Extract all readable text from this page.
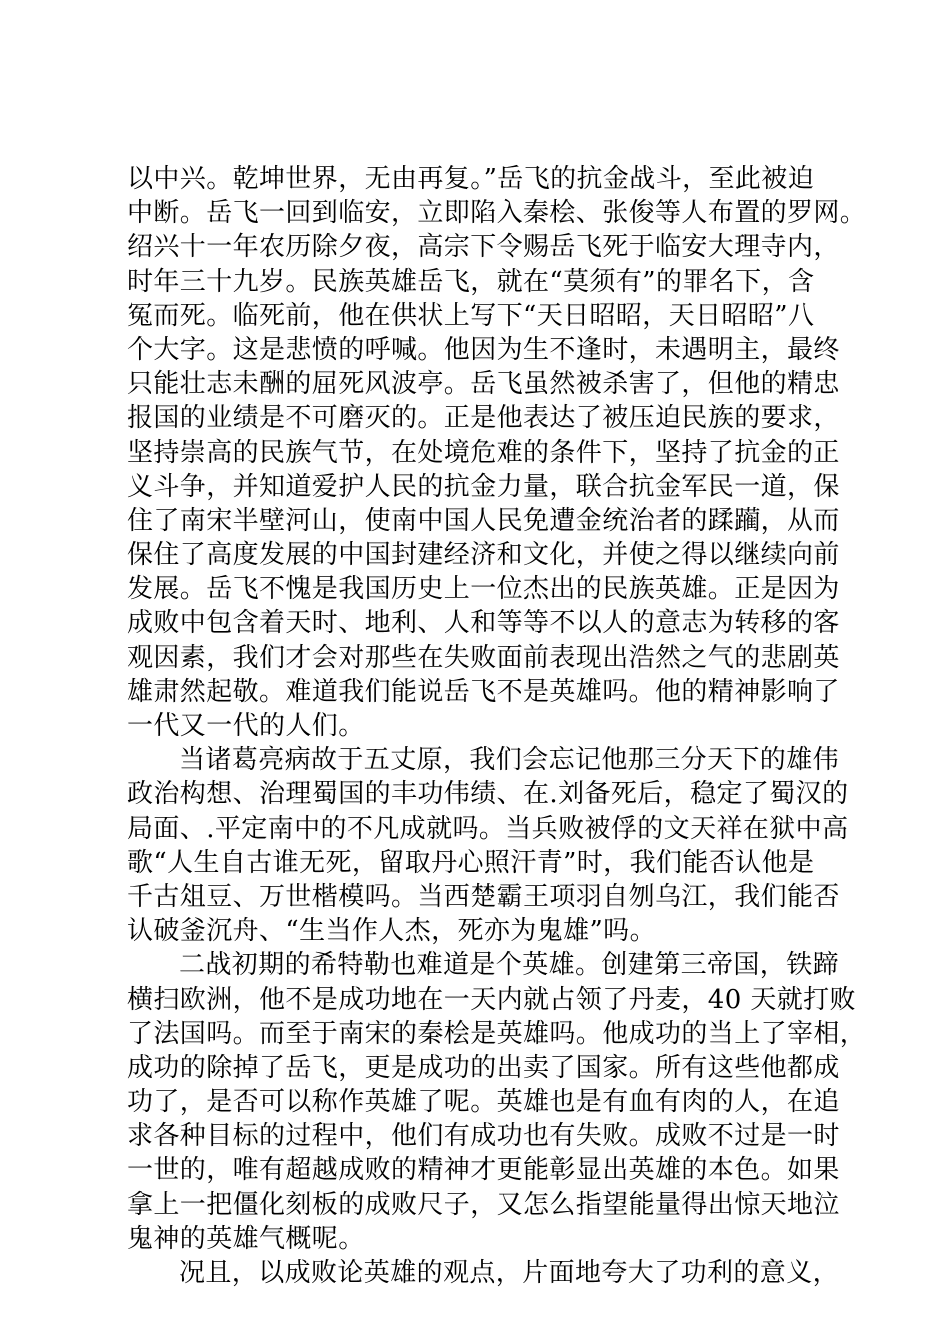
以中兴。乾坤世界，无由再复。”岳飞的抗金战斗，至此被迫
中断。岳飞一回到临安，立即陷入秦桧、张俊等人布置的罗网。
绍兴十一年农历除夕夜，高宗下令赐岳飞死于临安大理寺内，
时年三十九岁。民族英雄岳飞，就在“莫须有”的罪名下，含
冤而死。临死前，他在供状上写下“天日昭昭，天日昭昭”八
个大字。这是悲愤的呼喊。他因为生不逢时，未遇明主，最终
只能壮志未酬的屈死风波亭。岳飞虽然被杀害了，但他的精忠
报国的业绩是不可磨灭的。正是他表达了被压迫民族的要求，
坚持崇高的民族气节，在处境危难的条件下，坚持了抗金的正
义斗争，并知道爱护人民的抗金力量，联合抗金军民一道，保
住了南宋半壁河山，使南中国人民免遭金统治者的蹂躏，从而
保住了高度发展的中国封建经济和文化，并使之得以继续向前
发展。岳飞不愧是我国历史上一位杰出的民族英雄。正是因为
成败中包含着天时、地利、人和等等不以人的意志为转移的客
观因素，我们才会对那些在失败面前表现出浩然之气的悲剧英
雄肃然起敬。难道我们能说岳飞不是英雄吗。他的精神影响了
一代又一代的人们。
当诸葛亮病故于五丈原，我们会忘记他那三分天下的雄伟
政治构想、治理蜀国的丰功伟绩、在.刘备死后，稳定了蜀汉的
局面、.平定南中的不凡成就吗。当兵败被俘的文天祥在狱中高
歌“人生自古谁无死，留取丹心照汗青”时，我们能否认他是
千古俎豆、万世楷模吗。当西楚霸王项羽自刎乌江，我们能否
认破釜沉舟、“生当作人杰，死亦为鬼雄”吗。
二战初期的希特勒也难道是个英雄。创建第三帝国，铁蹄
横扫欧洲，他不是成功地在一天内就占领了丹麦，40 天就打败
了法国吗。而至于南宋的秦桧是英雄吗。他成功的当上了宰相，
成功的除掉了岳飞，更是成功的出卖了国家。所有这些他都成
功了，是否可以称作英雄了呢。英雄也是有血有肉的人，在追
求各种目标的过程中，他们有成功也有失败。成败不过是一时
一世的，唯有超越成败的精神才更能彰显出英雄的本色。如果
拿上一把僵化刻板的成败尺子，又怎么指望能量得出惊天地泣
鬼神的英雄气概呢。
况且，以成败论英雄的观点，片面地夸大了功利的意义，
